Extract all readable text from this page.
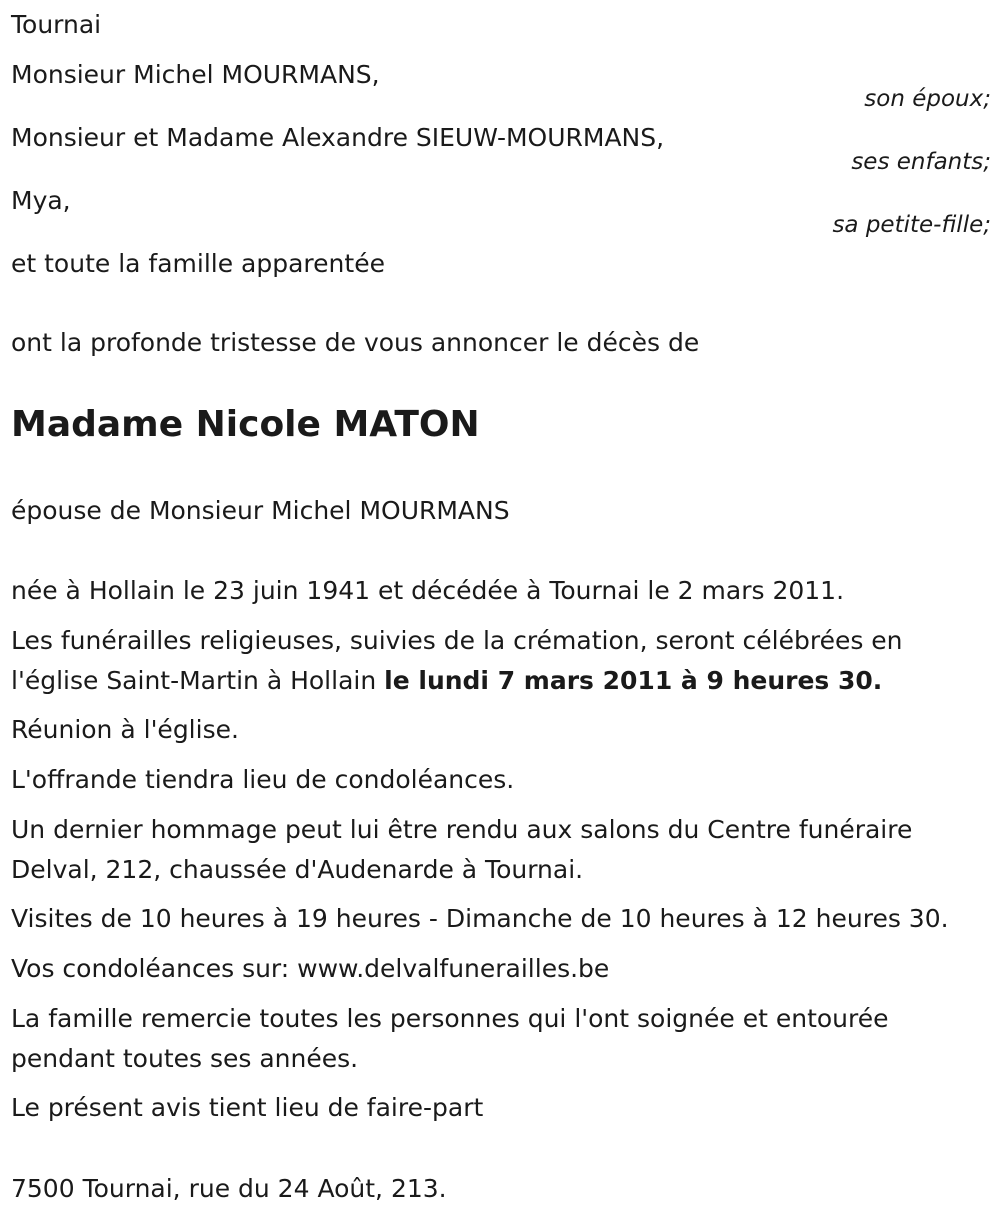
Tournai
Monsieur Michel MOURMANS,
son époux;
Monsieur et Madame Alexandre SIEUW-MOURMANS,
ses enfants;
Mya,
sa petite-fille;
et toute la famille apparentée
ont la profonde tristesse de vous annoncer le décès de
Madame Nicole MATON
épouse de Monsieur Michel MOURMANS
née à Hollain le 23 juin 1941 et décédée à Tournai le 2 mars 2011.
Les funérailles religieuses, suivies de la crémation, seront célébrées en l'église Saint-Martin à Hollain le lundi 7 mars 2011 à 9 heures 30.
Réunion à l'église.
L'offrande tiendra lieu de condoléances.
Un dernier hommage peut lui être rendu aux salons du Centre funéraire Delval, 212, chaussée d'Audenarde à Tournai.
Visites de 10 heures à 19 heures - Dimanche de 10 heures à 12 heures 30.
Vos condoléances sur: www.delvalfunerailles.be
La famille remercie toutes les personnes qui l'ont soignée et entourée pendant toutes ses années.
Le présent avis tient lieu de faire-part
7500 Tournai, rue du 24 Août, 213.
